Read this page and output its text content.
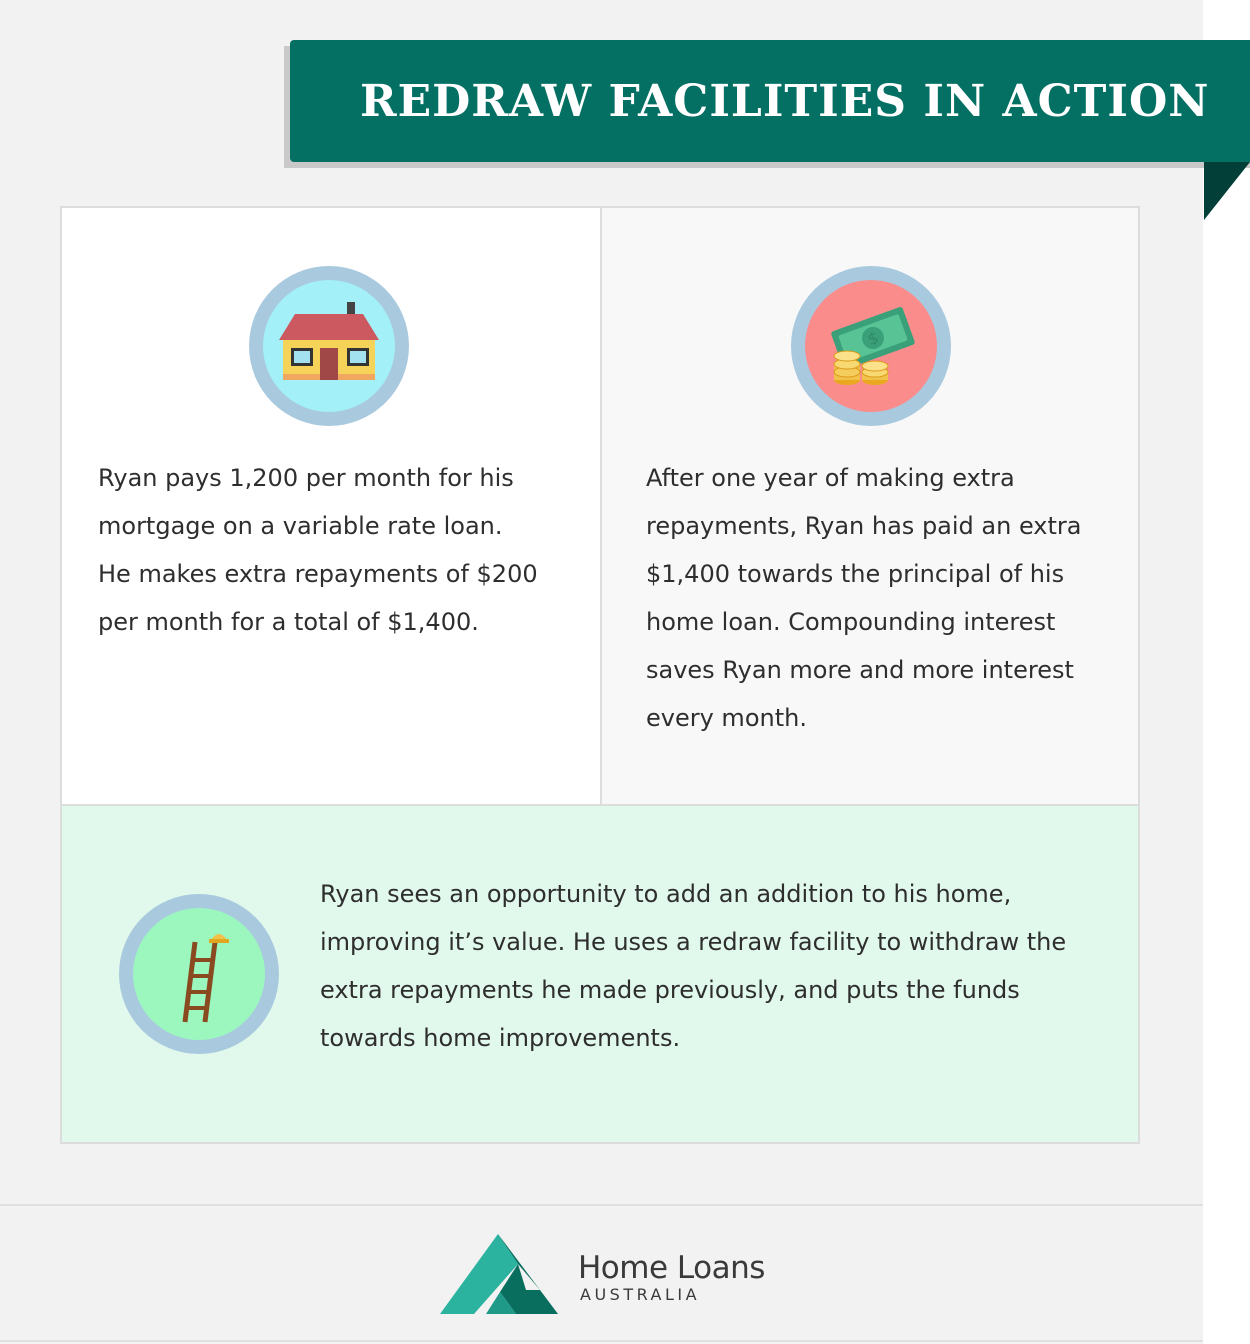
REDRAW FACILITIES IN ACTION

Ryan pays 1,200 per month for his mortgage on a variable rate loan. He makes extra repayments of $200 per month for a total of $1,400.

$

After one year of making extra repayments, Ryan has paid an extra $1,400 towards the principal of his home loan. Compounding interest saves Ryan more and more interest every month.

Ryan sees an opportunity to add an addition to his home, improving it’s value. He uses a redraw facility to withdraw the extra repayments he made previously, and puts the funds towards home improvements.

Home Loans
AUSTRALIA
